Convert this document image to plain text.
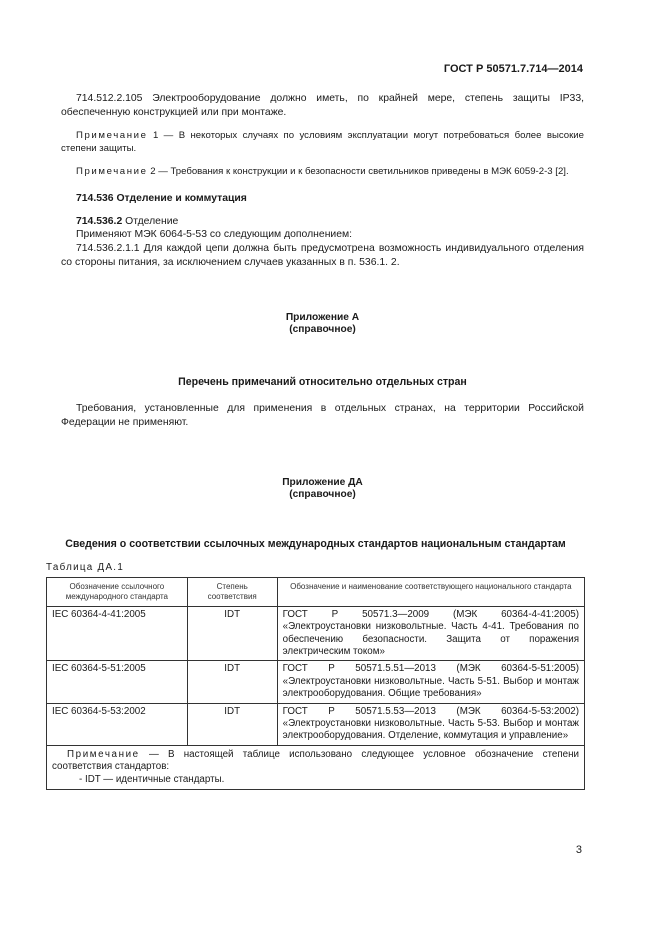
ГОСТ Р 50571.7.714—2014

714.512.2.105 Электрооборудование должно иметь, по крайней мере, степень защиты IP33, обеспеченную конструкцией или при монтаже.

Примечание 1 — В некоторых случаях по условиям эксплуатации могут потребоваться более высокие степени защиты.

Примечание 2 — Требования к конструкции и к безопасности светильников приведены в МЭК 6059-2-3 [2].

714.536 Отделение и коммутация

714.536.2 Отделение

Применяют МЭК 6064-5-53 со следующим дополнением:

714.536.2.1.1 Для каждой цепи должна быть предусмотрена возможность индивидуального отделения со стороны питания, за исключением случаев указанных в п. 536.1. 2.

Приложение А
(справочное)
Перечень примечаний относительно отдельных стран

Требования, установленные для применения в отдельных странах, на территории Российской Федерации не применяют.

Приложение ДА
(справочное)
Сведения о соответствии ссылочных международных стандартов национальным стандартам
Таблица ДА.1
Обозначение ссылочного международного стандарта	Степень соответствия	Обозначение и наименование соответствующего национального стандарта
IEC 60364-4-41:2005	IDT	ГОСТ Р 50571.3—2009 (МЭК 60364-4-41:2005) «Электроустановки низковольтные. Часть 4-41. Требования по обеспечению безопасности. Защита от поражения электрическим током»
IEC 60364-5-51:2005	IDT	ГОСТ Р 50571.5.51—2013 (МЭК 60364-5-51:2005) «Электроустановки низковольтные. Часть 5-51. Выбор и монтаж электрооборудования. Общие требования»
IEC 60364-5-53:2002	IDT	ГОСТ Р 50571.5.53—2013 (МЭК 60364-5-53:2002) «Электроустановки низковольтные. Часть 5-53. Выбор и монтаж электрооборудования. Отделение, коммутация и управление»

Примечание — В настоящей таблице использовано следующее условное обозначение степени соответствия стандартов:
- IDT — идентичные стандарты.		
3
